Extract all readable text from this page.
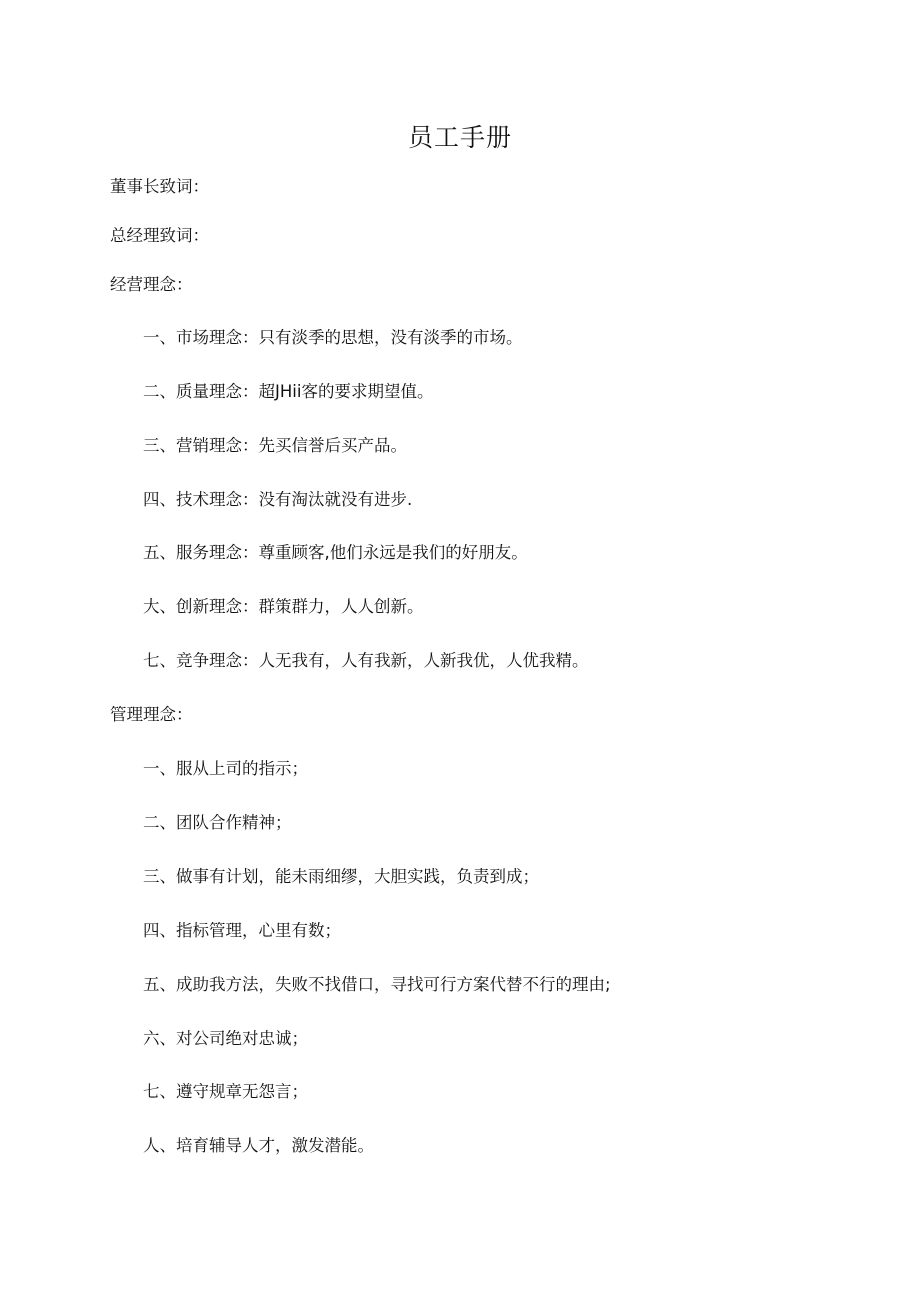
员工手册
董事长致词：
总经理致词：
经营理念：
一、市场理念：只有淡季的思想，没有淡季的市场。
二、质量理念：超JHii客的要求期望值。
三、营销理念：先买信誉后买产品。
四、技术理念：没有淘汰就没有进步.
五、服务理念：尊重顾客,他们永远是我们的好朋友。
大、创新理念：群策群力，人人创新。
七、竞争理念：人无我有，人有我新，人新我优，人优我精。
管理理念：
一、服从上司的指示；
二、团队合作精神；
三、做事有计划，能未雨细缪，大胆实践，负责到成；
四、指标管理，心里有数；
五、成助我方法，失败不找借口，寻找可行方案代替不行的理由;
六、对公司绝对忠诚；
七、遵守规章无怨言；
人、培育辅导人才，激发潜能。
